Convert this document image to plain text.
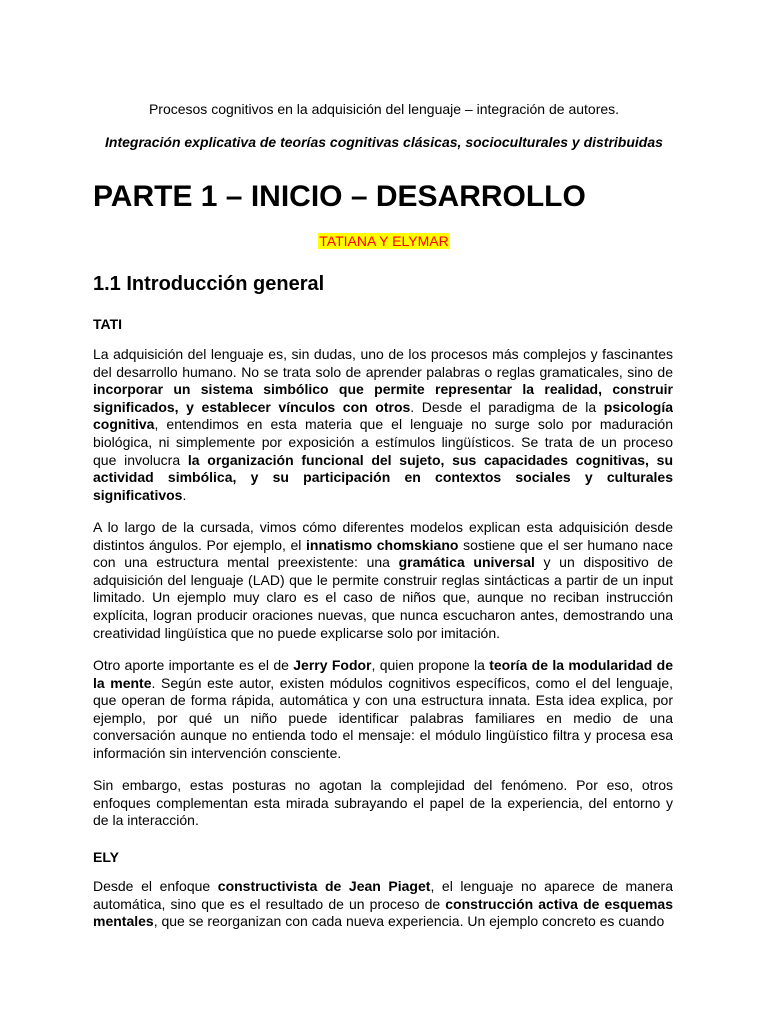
Procesos cognitivos en la adquisición del lenguaje – integración de autores.
Integración explicativa de teorías cognitivas clásicas, socioculturales y distribuidas
PARTE 1 – INICIO – DESARROLLO
TATIANA Y ELYMAR
1.1 Introducción general
TATI
La adquisición del lenguaje es, sin dudas, uno de los procesos más complejos y fascinantes
del desarrollo humano. No se trata solo de aprender palabras o reglas gramaticales, sino de
incorporar un sistema simbólico que permite representar la realidad, construir
significados, y establecer vínculos con otros. Desde el paradigma de la psicología
cognitiva, entendimos en esta materia que el lenguaje no surge solo por maduración
biológica, ni simplemente por exposición a estímulos lingüísticos. Se trata de un proceso
que involucra la organización funcional del sujeto, sus capacidades cognitivas, su
actividad simbólica, y su participación en contextos sociales y culturales
significativos.
A lo largo de la cursada, vimos cómo diferentes modelos explican esta adquisición desde
distintos ángulos. Por ejemplo, el innatismo chomskiano sostiene que el ser humano nace
con una estructura mental preexistente: una gramática universal y un dispositivo de
adquisición del lenguaje (LAD) que le permite construir reglas sintácticas a partir de un input
limitado. Un ejemplo muy claro es el caso de niños que, aunque no reciban instrucción
explícita, logran producir oraciones nuevas, que nunca escucharon antes, demostrando una
creatividad lingüística que no puede explicarse solo por imitación.
Otro aporte importante es el de Jerry Fodor, quien propone la teoría de la modularidad de
la mente. Según este autor, existen módulos cognitivos específicos, como el del lenguaje,
que operan de forma rápida, automática y con una estructura innata. Esta idea explica, por
ejemplo, por qué un niño puede identificar palabras familiares en medio de una
conversación aunque no entienda todo el mensaje: el módulo lingüístico filtra y procesa esa
información sin intervención consciente.
Sin embargo, estas posturas no agotan la complejidad del fenómeno. Por eso, otros
enfoques complementan esta mirada subrayando el papel de la experiencia, del entorno y
de la interacción.
ELY
Desde el enfoque constructivista de Jean Piaget, el lenguaje no aparece de manera
automática, sino que es el resultado de un proceso de construcción activa de esquemas
mentales, que se reorganizan con cada nueva experiencia. Un ejemplo concreto es cuando
